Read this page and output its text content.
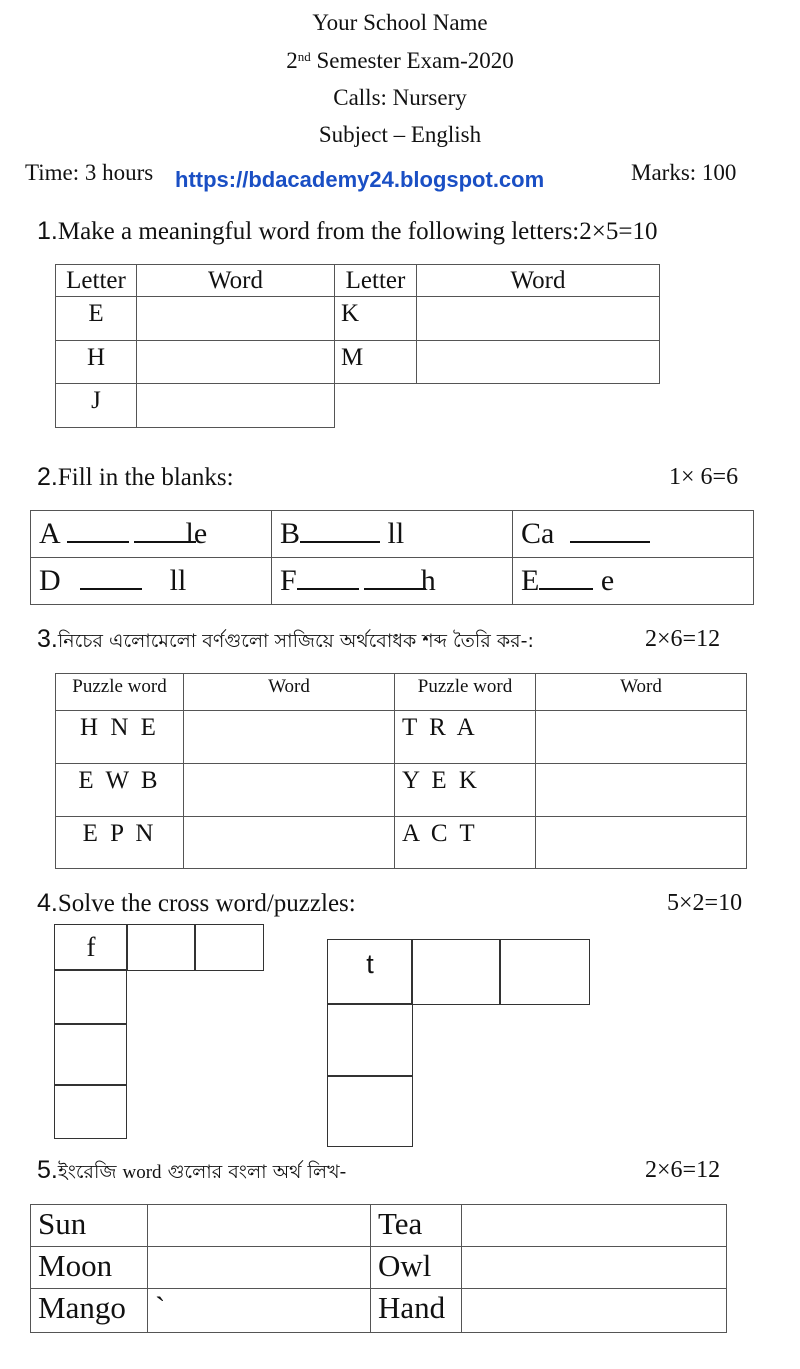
Your School Name
2nd Semester Exam-2020
Calls: Nursery
Subject – English
Time: 3 hours https://bdacademy24.blogspot.com	Marks: 100
1.Make a meaningful word from the following letters:2×5=10
Letter	Word	Letter	Word
E		K	
H		M	
J			
2.Fill in the blanks:	1× 6=6
A le	B ll	Ca
D ll	F h	E e
3.নিচের এলোমেলো বর্ণগুলো সাজিয়ে অর্থবোধক শব্দ তৈরি কর-:	2×6=12
Puzzle word	Word	Puzzle word	Word
H N E		T R A	
E W B		Y E K	
E P N		A C T	
4.Solve the cross word/puzzles:	5×2=10
f
t
5.ইংরেজি word গুলোর বংলা অর্থ লিখ-	2×6=12
Sun		Tea	
Moon		Owl	
Mango	`	Hand	
